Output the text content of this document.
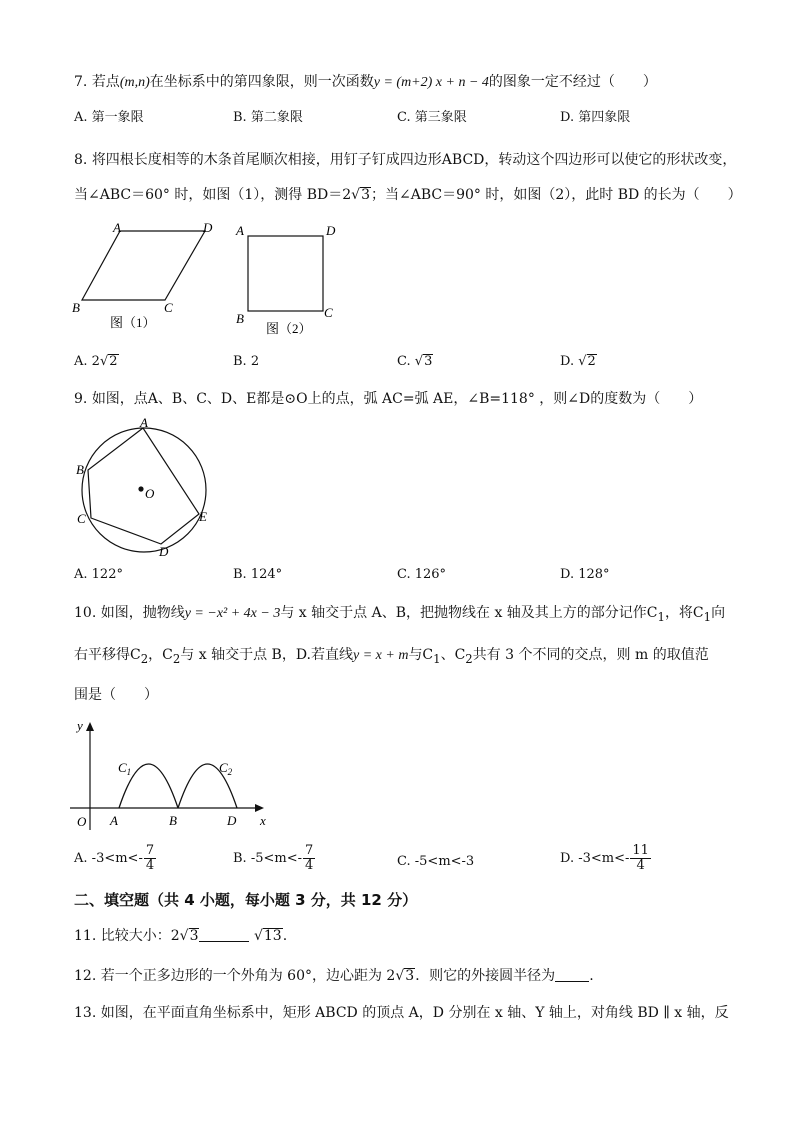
7. 若点(m,n)在坐标系中的第四象限，则一次函数y = (m+2) x + n − 4的图象一定不经过（　　）
A. 第一象限	B. 第二象限	C. 第三象限	D. 第四象限
8. 将四根长度相等的木条首尾顺次相接，用钉子钉成四边形ABCD，转动这个四边形可以使它的形状改变，
当∠ABC＝60° 时，如图（1），测得 BD＝2√3；当∠ABC＝90° 时，如图（2），此时 BD 的长为（　　）
A	D
B	C
图（1）
A	D
B	C
图（2）
A. 2√2	B. 2	C. √3	D. √2
9. 如图，点A、B、C、D、E都是⊙O上的点，弧 AC=弧 AE，∠B=118° ，则∠D的度数为（　　）
A
B
C
D
E
O
A. 122°	B. 124°	C. 126°	D. 128°
10. 如图，抛物线y = −x² + 4x − 3与 x 轴交于点 A、B，把抛物线在 x 轴及其上方的部分记作$C_1$，将$C_1$向
右平移得$C_2$，$C_2$与 x 轴交于点 B，D.若直线y = x + m与$C_1$、$C_2$共有 3 个不同的交点，则 m 的取值范
围是（　　）
y
x
O A	B	D
$C_1$	$C_2$
A. $-3<m<- \frac{7}{4}$	B. $-5<m<- \frac{7}{4}$	C. -5<m<-3	D. $-3<m<- \frac{11}{4}$
二、填空题（共 4 小题，每小题 3 分，共 12 分）
11. 比较大小：2√3	√13.
12. 若一个正多边形的一个外角为 60°，边心距为 2√3．则它的外接圆半径为 .
13. 如图，在平面直角坐标系中，矩形 ABCD 的顶点 A，D 分别在 x 轴、Y 轴上，对角线 BD ∥ x 轴，反
